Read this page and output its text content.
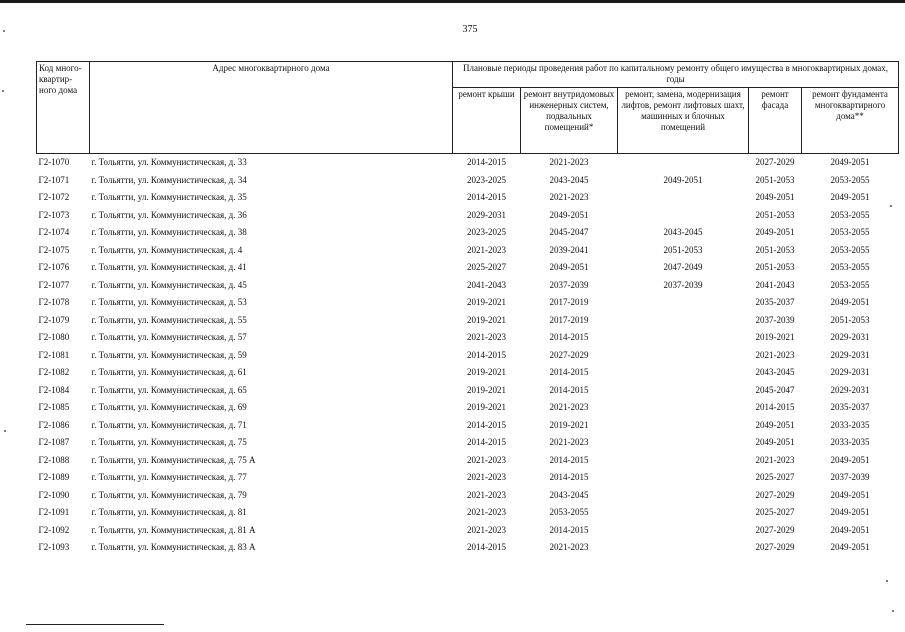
375
Код много-квартир-ного дома	Адрес многоквартирного дома	Плановые периоды проведения работ по капитальному ремонту общего имущества в многоквартирных домах, годы				
		ремонт крыши	ремонт внутридомовых инженерных систем, подвальных помещений*	ремонт, замена, модернизация лифтов, ремонт лифтовых шахт, машинных и блочных помещений	ремонт фасада	ремонт фундамента многоквартирного дома**
Г2-1070	г. Тольятти, ул. Коммунистическая, д. 33	2014-2015	2021-2023		2027-2029	2049-2051
Г2-1071	г. Тольятти, ул. Коммунистическая, д. 34	2023-2025	2043-2045	2049-2051	2051-2053	2053-2055
Г2-1072	г. Тольятти, ул. Коммунистическая, д. 35	2014-2015	2021-2023		2049-2051	2049-2051
Г2-1073	г. Тольятти, ул. Коммунистическая, д. 36	2029-2031	2049-2051		2051-2053	2053-2055
Г2-1074	г. Тольятти, ул. Коммунистическая, д. 38	2023-2025	2045-2047	2043-2045	2049-2051	2053-2055
Г2-1075	г. Тольятти, ул. Коммунистическая, д. 4	2021-2023	2039-2041	2051-2053	2051-2053	2053-2055
Г2-1076	г. Тольятти, ул. Коммунистическая, д. 41	2025-2027	2049-2051	2047-2049	2051-2053	2053-2055
Г2-1077	г. Тольятти, ул. Коммунистическая, д. 45	2041-2043	2037-2039	2037-2039	2041-2043	2053-2055
Г2-1078	г. Тольятти, ул. Коммунистическая, д. 53	2019-2021	2017-2019		2035-2037	2049-2051
Г2-1079	г. Тольятти, ул. Коммунистическая, д. 55	2019-2021	2017-2019		2037-2039	2051-2053
Г2-1080	г. Тольятти, ул. Коммунистическая, д. 57	2021-2023	2014-2015		2019-2021	2029-2031
Г2-1081	г. Тольятти, ул. Коммунистическая, д. 59	2014-2015	2027-2029		2021-2023	2029-2031
Г2-1082	г. Тольятти, ул. Коммунистическая, д. 61	2019-2021	2014-2015		2043-2045	2029-2031
Г2-1084	г. Тольятти, ул. Коммунистическая, д. 65	2019-2021	2014-2015		2045-2047	2029-2031
Г2-1085	г. Тольятти, ул. Коммунистическая, д. 69	2019-2021	2021-2023		2014-2015	2035-2037
Г2-1086	г. Тольятти, ул. Коммунистическая, д. 71	2014-2015	2019-2021		2049-2051	2033-2035
Г2-1087	г. Тольятти, ул. Коммунистическая, д. 75	2014-2015	2021-2023		2049-2051	2033-2035
Г2-1088	г. Тольятти, ул. Коммунистическая, д. 75 А	2021-2023	2014-2015		2021-2023	2049-2051
Г2-1089	г. Тольятти, ул. Коммунистическая, д. 77	2021-2023	2014-2015		2025-2027	2037-2039
Г2-1090	г. Тольятти, ул. Коммунистическая, д. 79	2021-2023	2043-2045		2027-2029	2049-2051
Г2-1091	г. Тольятти, ул. Коммунистическая, д. 81	2021-2023	2053-2055		2025-2027	2049-2051
Г2-1092	г. Тольятти, ул. Коммунистическая, д. 81 А	2021-2023	2014-2015		2027-2029	2049-2051
Г2-1093	г. Тольятти, ул. Коммунистическая, д. 83 А	2014-2015	2021-2023		2027-2029	2049-2051
